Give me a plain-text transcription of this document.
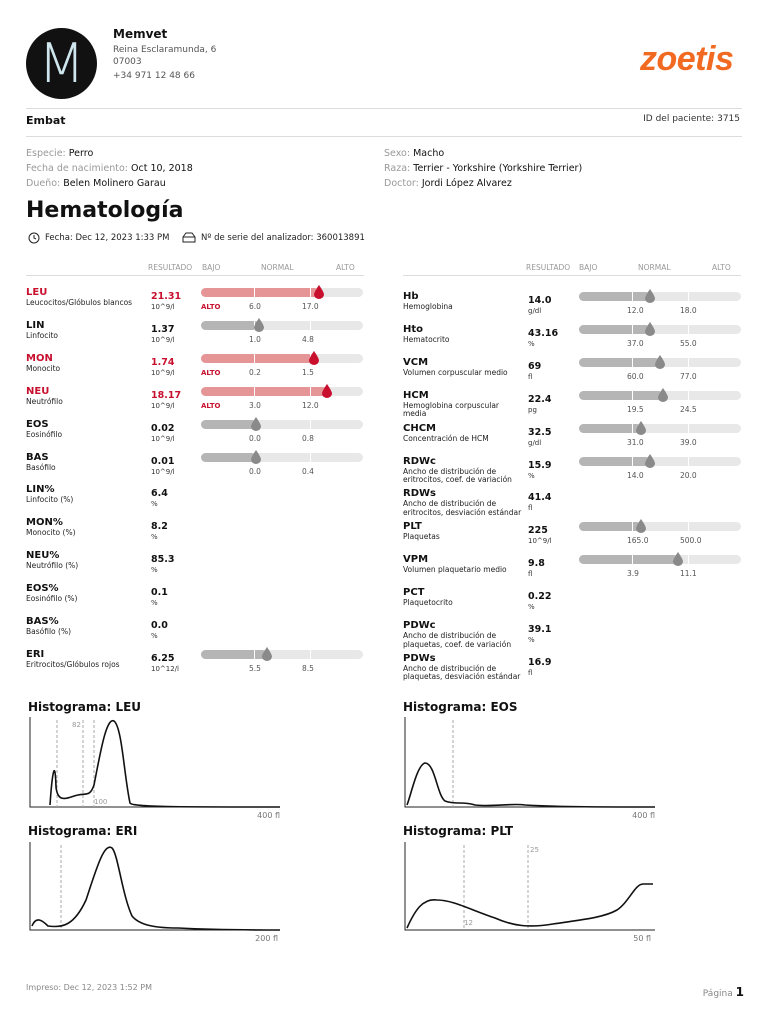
M Memvet
Reina Esclaramunda, 6
07003
+34 971 12 48 66	zoetis
Embat	ID del paciente: 3715
Especie: Perro
Fecha de nacimiento: Oct 10, 2018
Dueño: Belen Molinero Garau
Sexo: Macho
Raza: Terrier - Yorkshire (Yorkshire Terrier)
Doctor: Jordi López Alvarez
Hematología
Fecha: Dec 12, 2023 1:33 PM	Nº de serie del analizador: 360013891
RESULTADO BAJO	NORMAL	ALTO	RESULTADO BAJO	NORMAL	ALTO
LEU
Leucocitos/Glóbulos blancos
21.31
10^9/l	ALTO	6.0	17.0
LIN
Linfocito
1.37
10^9/l	1.0	4.8
MON
Monocito
1.74
10^9/l	ALTO	0.2	1.5
NEU
Neutrófilo
18.17
10^9/l	ALTO	3.0	12.0
EOS
Eosinófilo
0.02
10^9/l	0.0	0.8
BAS
Basófilo
0.01
10^9/l	0.0	0.4
LIN%
Linfocito (%)
6.4
%
MON%
Monocito (%)
8.2
%
NEU%
Neutrófilo (%)
85.3
%
EOS%
Eosinófilo (%)
0.1
%
BAS%
Basófilo (%)
0.0
%
ERI
Eritrocitos/Glóbulos rojos
6.25
10^12/l	5.5	8.5
Hb
Hemoglobina
14.0
g/dl	12.0	18.0
Hto
Hematocrito
43.16
%	37.0	55.0
VCM
Volumen corpuscular medio
69
fl	60.0	77.0
HCM
Hemoglobina corpuscular media
22.4
pg	19.5	24.5
CHCM
Concentración de HCM
32.5
g/dl	31.0	39.0
RDWc
Ancho de distribución de eritrocitos, coef. de variación
15.9
%	14.0	20.0
RDWs
Ancho de distribución de eritrocitos, desviación estándar
41.4
fl
PLT
Plaquetas
225
10^9/l	165.0	500.0
VPM
Volumen plaquetario medio
9.8
fl	3.9	11.1
PCT
Plaquetocrito
0.22
%
PDWc
Ancho de distribución de plaquetas, coef. de variación
39.1
%
PDWs
Ancho de distribución de plaquetas, desviación estándar
16.9
fl
Histograma: LEU
82
100
400 fl
Histograma: EOS
400 fl
Histograma: ERI
200 fl
Histograma: PLT
12
25
50 fl
Impreso: Dec 12, 2023 1:52 PM
Página 1
